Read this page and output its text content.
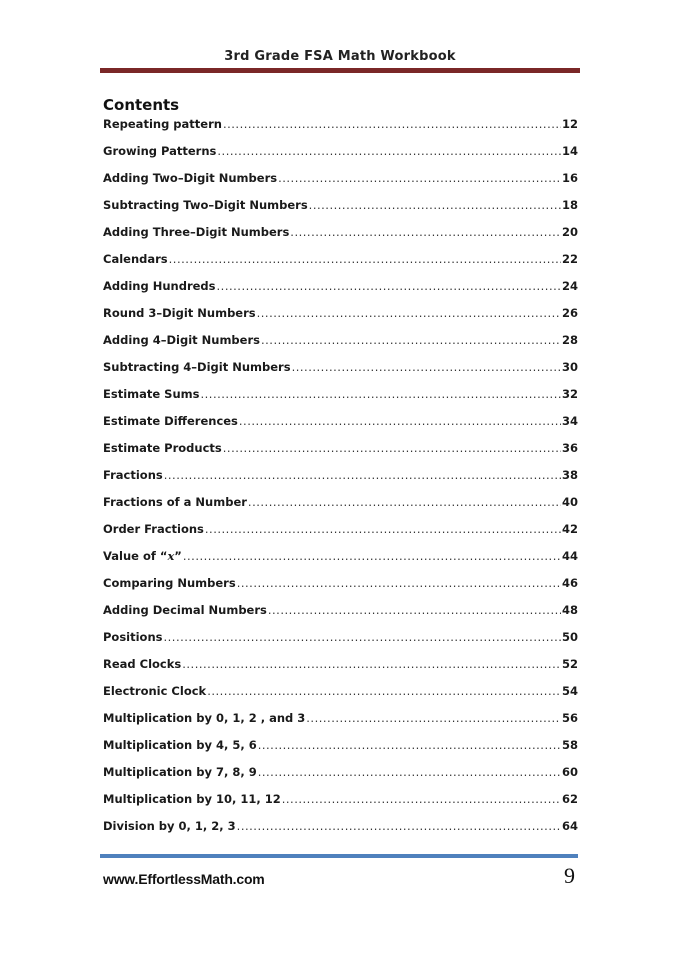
3rd Grade FSA Math Workbook
Contents
Repeating pattern .....	12
Growing Patterns .....	14
Adding Two–Digit Numbers .....	16
Subtracting Two–Digit Numbers .....	18
Adding Three–Digit Numbers .....	20
Calendars .....	22
Adding Hundreds .....	24
Round 3–Digit Numbers .....	26
Adding 4–Digit Numbers .....	28
Subtracting 4–Digit Numbers .....	30
Estimate Sums .....	32
Estimate Differences .....	34
Estimate Products .....	36
Fractions .....	38
Fractions of a Number .....	40
Order Fractions .....	42
Value of “x” .....	44
Comparing Numbers .....	46
Adding Decimal Numbers .....	48
Positions .....	50
Read Clocks .....	52
Electronic Clock .....	54
Multiplication by 0, 1, 2 , and 3 .....	56
Multiplication by 4, 5, 6 .....	58
Multiplication by 7, 8, 9 .....	60
Multiplication by 10, 11, 12 .....	62
Division by 0, 1, 2, 3 .....	64
www.EffortlessMath.com	9
